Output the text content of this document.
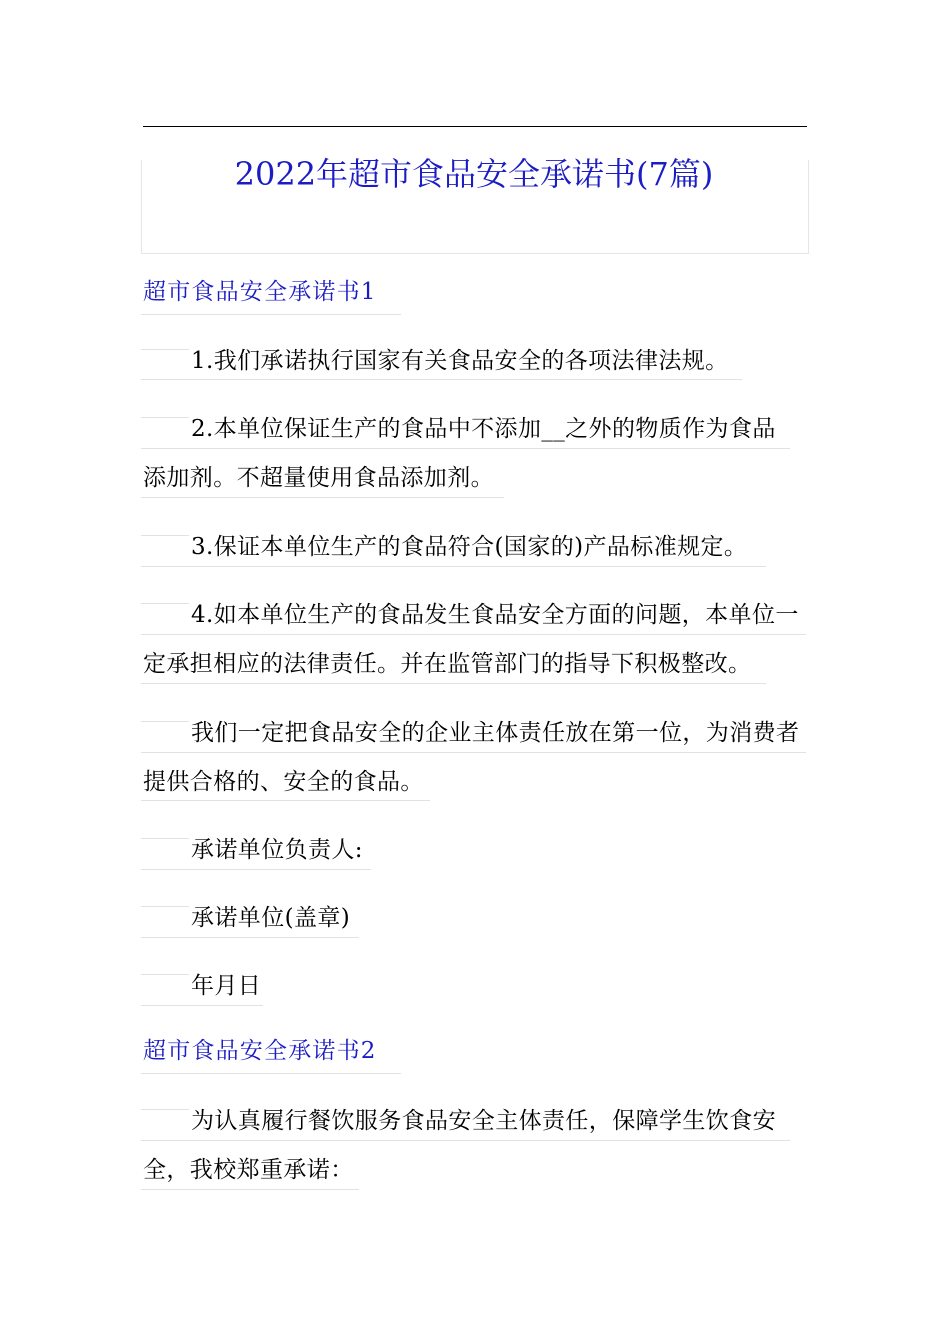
2022年超市食品安全承诺书(7篇)
超市食品安全承诺书1
1.我们承诺执行国家有关食品安全的各项法律法规。
2.本单位保证生产的食品中不添加__之外的物质作为食品
添加剂。不超量使用食品添加剂。
3.保证本单位生产的食品符合(国家的)产品标准规定。
4.如本单位生产的食品发生食品安全方面的问题，本单位一
定承担相应的法律责任。并在监管部门的指导下积极整改。
我们一定把食品安全的企业主体责任放在第一位，为消费者
提供合格的、安全的食品。
承诺单位负责人:
承诺单位(盖章)
年月日
超市食品安全承诺书2
为认真履行餐饮服务食品安全主体责任，保障学生饮食安
全，我校郑重承诺：
